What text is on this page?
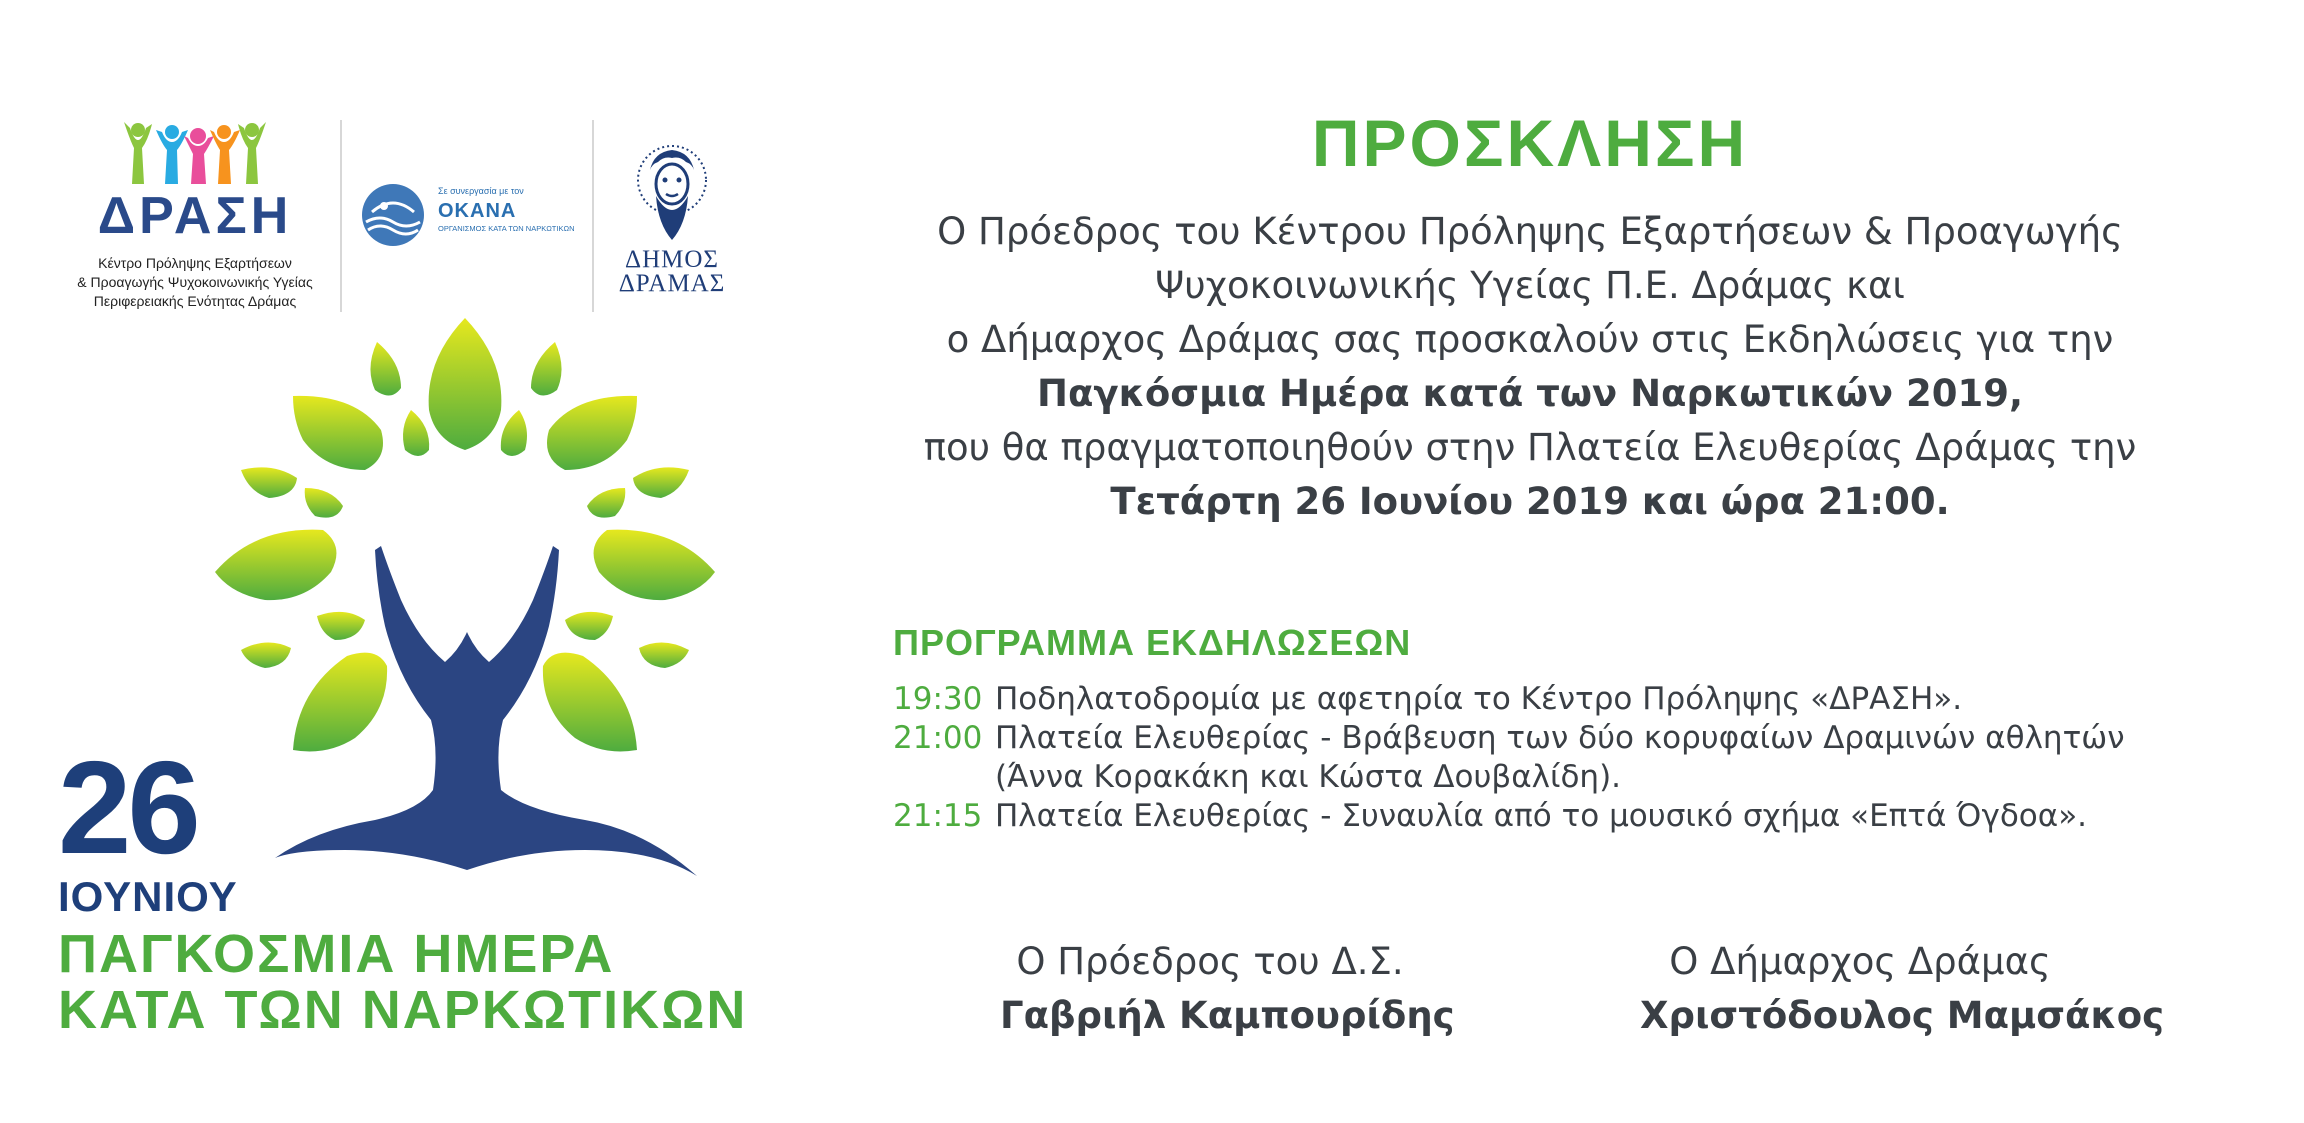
ΔΡΑΣΗ
Κέντρο Πρόληψης Εξαρτήσεων
& Προαγωγής Ψυχοκοινωνικής Υγείας
Περιφερειακής Ενότητας Δράμας
Σε συνεργασία με τον
ΟΚΑΝΑ
ΟΡΓΑΝΙΣΜΟΣ ΚΑΤΑ ΤΩΝ ΝΑΡΚΩΤΙΚΩΝ
ΔΗΜΟΣ
ΔΡΑΜΑΣ
26
ΙΟΥΝΙΟΥ
ΠΑΓΚΟΣΜΙΑ ΗΜΕΡΑ
ΚΑΤΑ ΤΩΝ ΝΑΡΚΩΤΙΚΩΝ
ΠΡΟΣΚΛΗΣΗ
Ο Πρόεδρος του Κέντρου Πρόληψης Εξαρτήσεων & Προαγωγής
Ψυχοκοινωνικής Υγείας Π.Ε. Δράμας και
ο Δήμαρχος Δράμας σας προσκαλούν στις Εκδηλώσεις για την
Παγκόσμια Ημέρα κατά των Ναρκωτικών 2019,
που θα πραγματοποιηθούν στην Πλατεία Ελευθερίας Δράμας την
Τετάρτη 26 Ιουνίου 2019 και ώρα 21:00.
ΠΡΟΓΡΑΜΜΑ ΕΚΔΗΛΩΣΕΩΝ
19:30 Ποδηλατοδρομία με αφετηρία το Κέντρο Πρόληψης «ΔΡΑΣΗ».
21:00 Πλατεία Ελευθερίας - Βράβευση των δύο κορυφαίων Δραμινών αθλητών
(Άννα Κορακάκη και Κώστα Δουβαλίδη).
21:15 Πλατεία Ελευθερίας - Συναυλία από το μουσικό σχήμα «Επτά Όγδοα».
Ο Πρόεδρος του Δ.Σ.
Γαβριήλ Καμπουρίδης
Ο Δήμαρχος Δράμας
Χριστόδουλος Μαμσάκος
